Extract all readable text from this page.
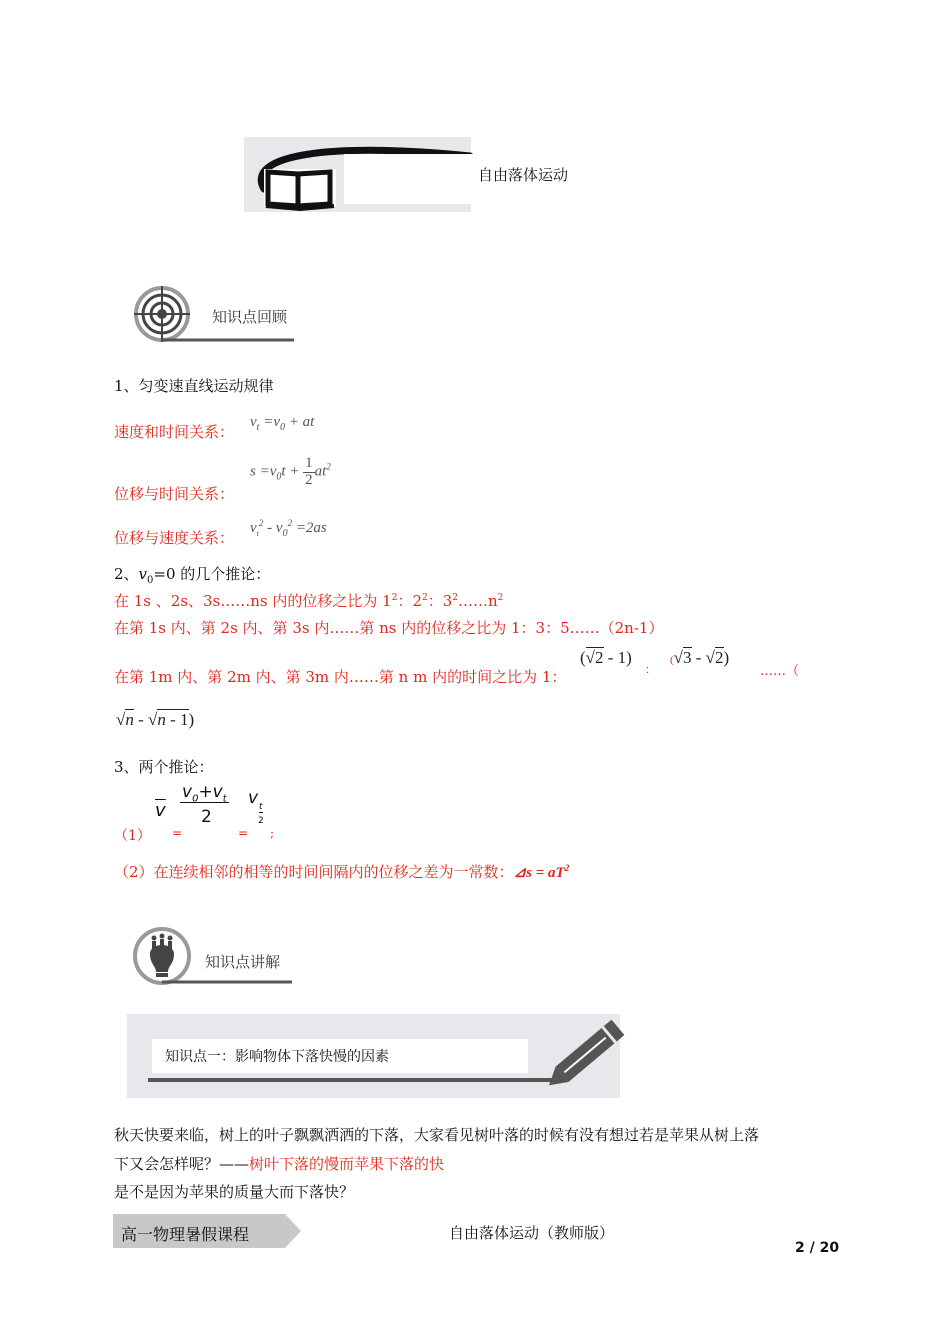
自由落体运动
知识点回顾
1、匀变速直线运动规律
速度和时间关系：
$v_t =v_0$ + at
位移与时间关系：
$s =v_0t + \frac{1}{2} at^2$
位移与速度关系：
$v_t^2 - v_0^2 =2as$
2、$v_0=0$ 的几个推论：
在 1s 、2s、3s……ns 内的位移之比为 $1^2$：$2^2$：$3^2\dots\dots n^2$
在第 1s 内、第 2s 内、第 3s 内……第 ns 内的位移之比为 1：3：5……（2n-1）
在第 1m 内、第 2m 内、第 3m 内……第 n m 内的时间之比为 1：
(√2 - 1)
：
(√3 - √2)
……（
√n - √n - 1)
3、两个推论：
$\overline{v}$
$v_0+v_t$
2
v t
2
（1） =	= ;
（2）在连续相邻的相等的时间间隔内的位移之差为一常数：⊿s = $aT^2$
知识点讲解
知识点一：影响物体下落快慢的因素
秋天快要来临，树上的叶子飘飘洒洒的下落，大家看见树叶落的时候有没有想过若是苹果从树上落
下又会怎样呢？——树叶下落的慢而苹果下落的快
是不是因为苹果的质量大而下落快？
高一物理暑假课程	自由落体运动（教师版）
2 / 20
